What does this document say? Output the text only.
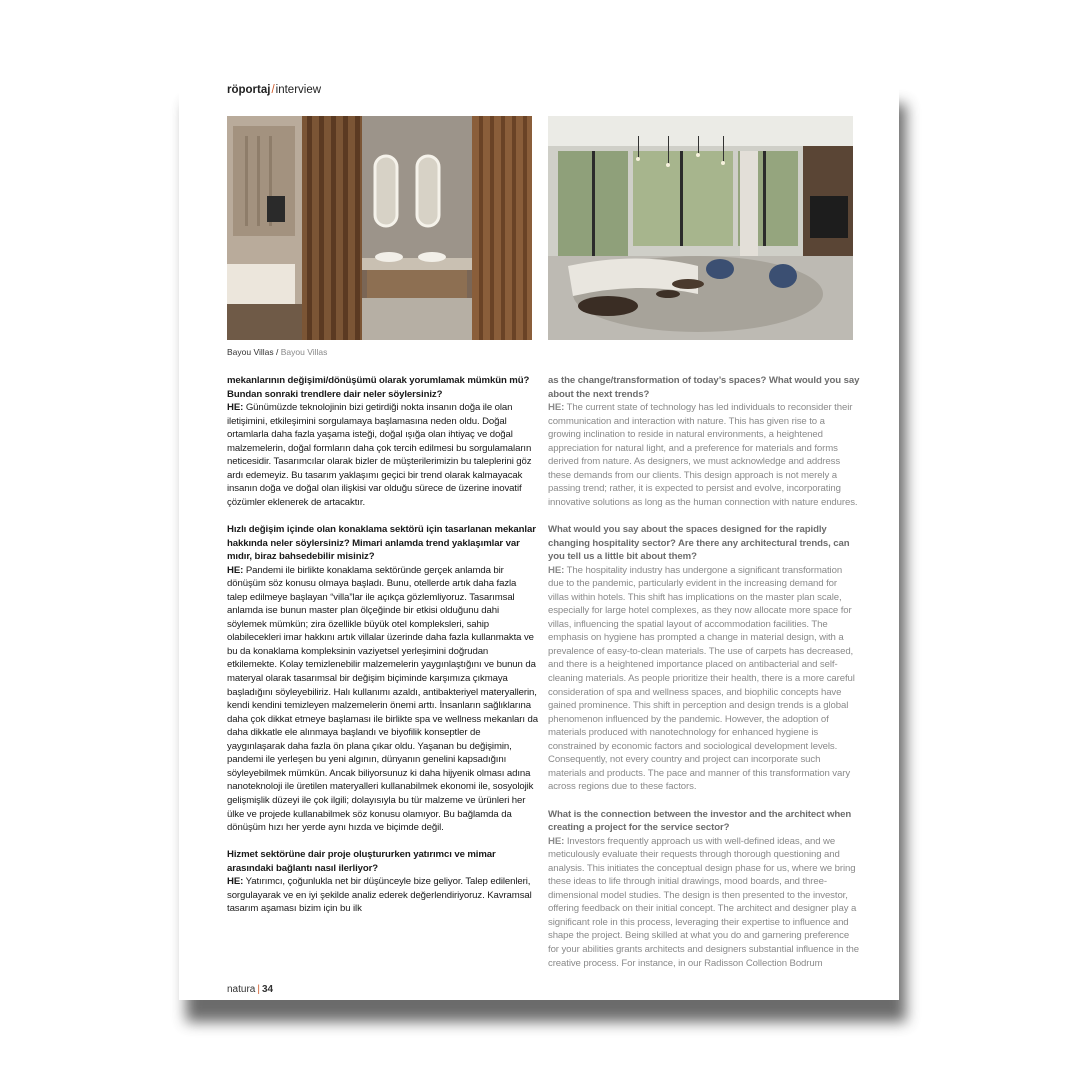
röportaj/interview
Bayou Villas / Bayou Villas

mekanlarının değişimi/dönüşümü olarak yorumlamak mümkün mü? Bundan sonraki trendlere dair neler söylersiniz?

HE: Günümüzde teknolojinin bizi getirdiği nokta insanın doğa ile olan iletişimini, etkileşimini sorgulamaya başlamasına neden oldu. Doğal ortamlarla daha fazla yaşama isteği, doğal ışığa olan ihtiyaç ve doğal malzemelerin, doğal formların daha çok tercih edilmesi bu sorgulamaların neticesidir. Tasarımcılar olarak bizler de müşterilerimizin bu taleplerini göz ardı edemeyiz. Bu tasarım yaklaşımı geçici bir trend olarak kalmayacak insanın doğa ve doğal olan ilişkisi var olduğu sürece de üzerine inovatif çözümler eklenerek de artacaktır.

Hızlı değişim içinde olan konaklama sektörü için tasarlanan mekanlar hakkında neler söylersiniz? Mimari anlamda trend yaklaşımlar var mıdır, biraz bahsedebilir misiniz?

HE: Pandemi ile birlikte konaklama sektöründe gerçek anlamda bir dönüşüm söz konusu olmaya başladı. Bunu, otellerde artık daha fazla talep edilmeye başlayan “villa”lar ile açıkça gözlemliyoruz. Tasarımsal anlamda ise bunun master plan ölçeğinde bir etkisi olduğunu dahi söylemek mümkün; zira özellikle büyük otel kompleksleri, sahip olabilecekleri imar hakkını artık villalar üzerinde daha fazla kullanmakta ve bu da konaklama kompleksinin vaziyetsel yerleşimini doğrudan etkilemekte. Kolay temizlenebilir malzemelerin yaygınlaştığını ve bunun da materyal olarak tasarımsal bir değişim biçiminde karşımıza çıkmaya başladığını söyleyebiliriz. Halı kullanımı azaldı, antibakteriyel materyallerin, kendi kendini temizleyen malzemelerin önemi arttı. İnsanların sağlıklarına daha çok dikkat etmeye başlaması ile birlikte spa ve wellness mekanları da daha dikkatle ele alınmaya başlandı ve biyofilik konseptler de yaygınlaşarak daha fazla ön plana çıkar oldu. Yaşanan bu değişimin, pandemi ile yerleşen bu yeni algının, dünyanın genelini kapsadığını söyleyebilmek mümkün. Ancak biliyorsunuz ki daha hijyenik olması adına nanoteknoloji ile üretilen materyalleri kullanabilmek ekonomi ile, sosyolojik gelişmişlik düzeyi ile çok ilgili; dolayısıyla bu tür malzeme ve ürünleri her ülke ve projede kullanabilmek söz konusu olamıyor. Bu bağlamda da dönüşüm hızı her yerde aynı hızda ve biçimde değil.

Hizmet sektörüne dair proje oluştururken yatırımcı ve mimar arasındaki bağlantı nasıl ilerliyor?

HE: Yatırımcı, çoğunlukla net bir düşünceyle bize geliyor. Talep edilenleri, sorgulayarak ve en iyi şekilde analiz ederek değerlendiriyoruz. Kavramsal tasarım aşaması bizim için bu ilk

as the change/transformation of today’s spaces? What would you say about the next trends?

HE: The current state of technology has led individuals to reconsider their communication and interaction with nature. This has given rise to a growing inclination to reside in natural environments, a heightened appreciation for natural light, and a preference for materials and forms derived from nature. As designers, we must acknowledge and address these demands from our clients. This design approach is not merely a passing trend; rather, it is expected to persist and evolve, incorporating innovative solutions as long as the human connection with nature endures.

What would you say about the spaces designed for the rapidly changing hospitality sector? Are there any architectural trends, can you tell us a little bit about them?

HE: The hospitality industry has undergone a significant transformation due to the pandemic, particularly evident in the increasing demand for villas within hotels. This shift has implications on the master plan scale, especially for large hotel complexes, as they now allocate more space for villas, influencing the spatial layout of accommodation facilities. The emphasis on hygiene has prompted a change in material design, with a prevalence of easy-to-clean materials. The use of carpets has decreased, and there is a heightened importance placed on antibacterial and self-cleaning materials. As people prioritize their health, there is a more careful consideration of spa and wellness spaces, and biophilic concepts have gained prominence. This shift in perception and design trends is a global phenomenon influenced by the pandemic. However, the adoption of materials produced with nanotechnology for enhanced hygiene is constrained by economic factors and sociological development levels. Consequently, not every country and project can incorporate such materials and products. The pace and manner of this transformation vary across regions due to these factors.

What is the connection between the investor and the architect when creating a project for the service sector?

HE: Investors frequently approach us with well-defined ideas, and we meticulously evaluate their requests through thorough questioning and analysis. This initiates the conceptual design phase for us, where we bring these ideas to life through initial drawings, mood boards, and three-dimensional model studies. The design is then presented to the investor, offering feedback on their initial concept. The architect and designer play a significant role in this process, leveraging their expertise to influence and shape the project. Being skilled at what you do and garnering preference for your abilities grants architects and designers substantial influence in the creative process. For instance, in our Radisson Collection Bodrum

natura | 34
